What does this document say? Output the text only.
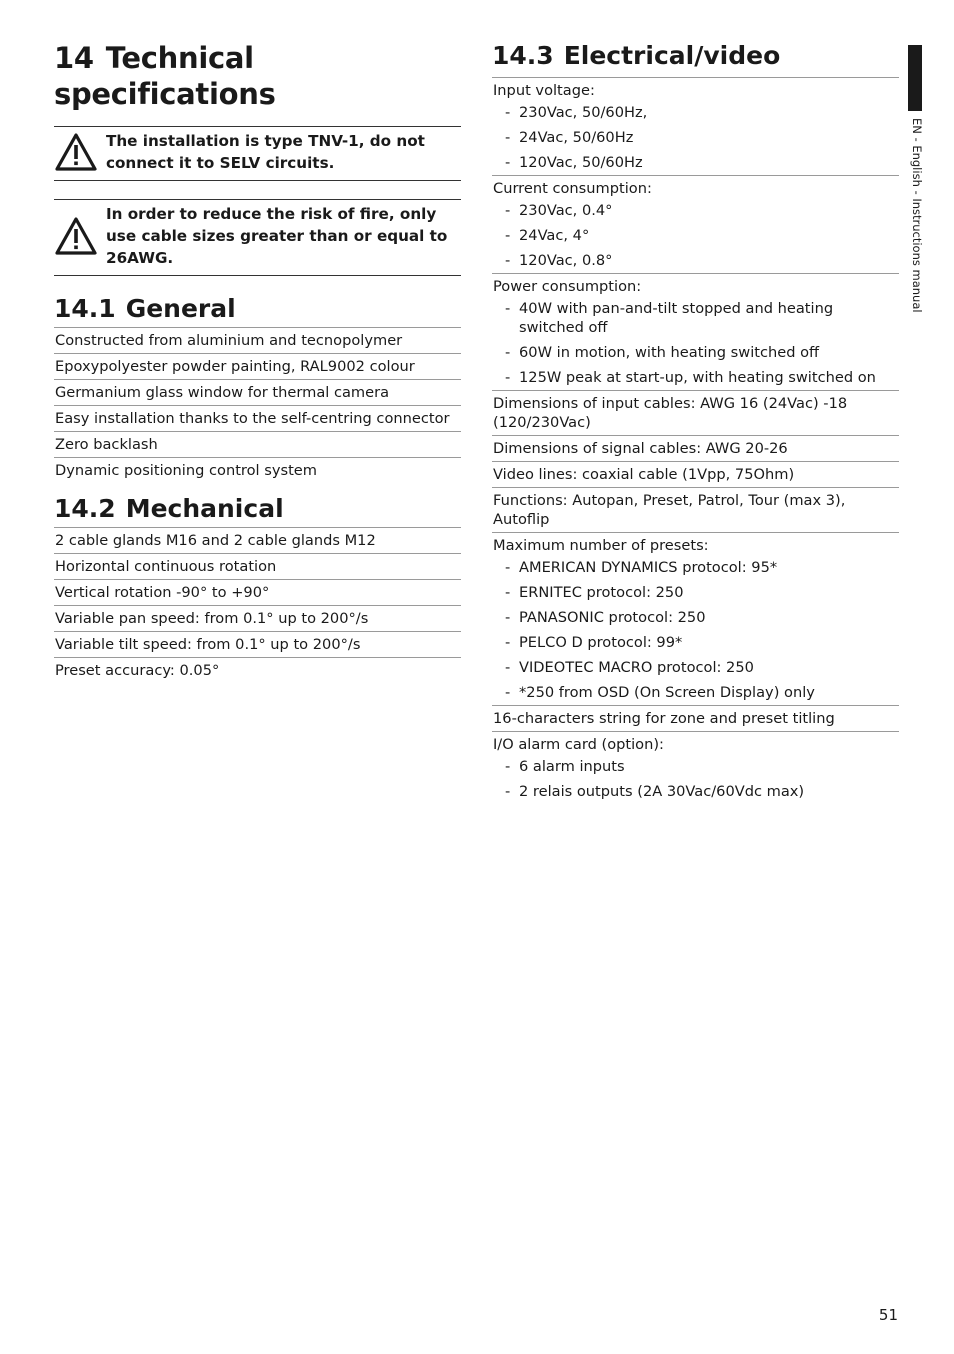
EN - English - Instructions manual
14 Technical specifications
The installation is type TNV-1, do not connect it to SELV circuits.
In order to reduce the risk of fire, only use cable sizes greater than or equal to 26AWG.
14.1 General
Constructed from aluminium and tecnopolymer
Epoxypolyester powder painting, RAL9002 colour
Germanium glass window for thermal camera
Easy installation thanks to the self-centring connector
Zero backlash
Dynamic positioning control system
14.2 Mechanical
2 cable glands M16 and 2 cable glands M12
Horizontal continuous rotation
Vertical rotation -90° to +90°
Variable pan speed: from 0.1° up to 200°/s
Variable tilt speed: from 0.1° up to 200°/s
Preset accuracy: 0.05°
14.3 Electrical/video
Input voltage:
- 230Vac, 50/60Hz,
- 24Vac, 50/60Hz
- 120Vac, 50/60Hz
Current consumption:
- 230Vac, 0.4°
- 24Vac, 4°
- 120Vac, 0.8°
Power consumption:
- 40W with pan-and-tilt stopped and heating switched off
- 60W in motion, with heating switched off
- 125W peak at start-up, with heating switched on
Dimensions of input cables: AWG 16 (24Vac) -18 (120/230Vac)
Dimensions of signal cables: AWG 20-26
Video lines: coaxial cable (1Vpp, 75Ohm)
Functions: Autopan, Preset, Patrol, Tour (max 3), Autoflip
Maximum number of presets:
- AMERICAN DYNAMICS protocol: 95*
- ERNITEC protocol: 250
- PANASONIC protocol: 250
- PELCO D protocol: 99*
- VIDEOTEC MACRO protocol: 250
- *250 from OSD (On Screen Display) only
16-characters string for zone and preset titling
I/O alarm card (option):
- 6 alarm inputs
- 2 relais outputs (2A 30Vac/60Vdc max)
51
